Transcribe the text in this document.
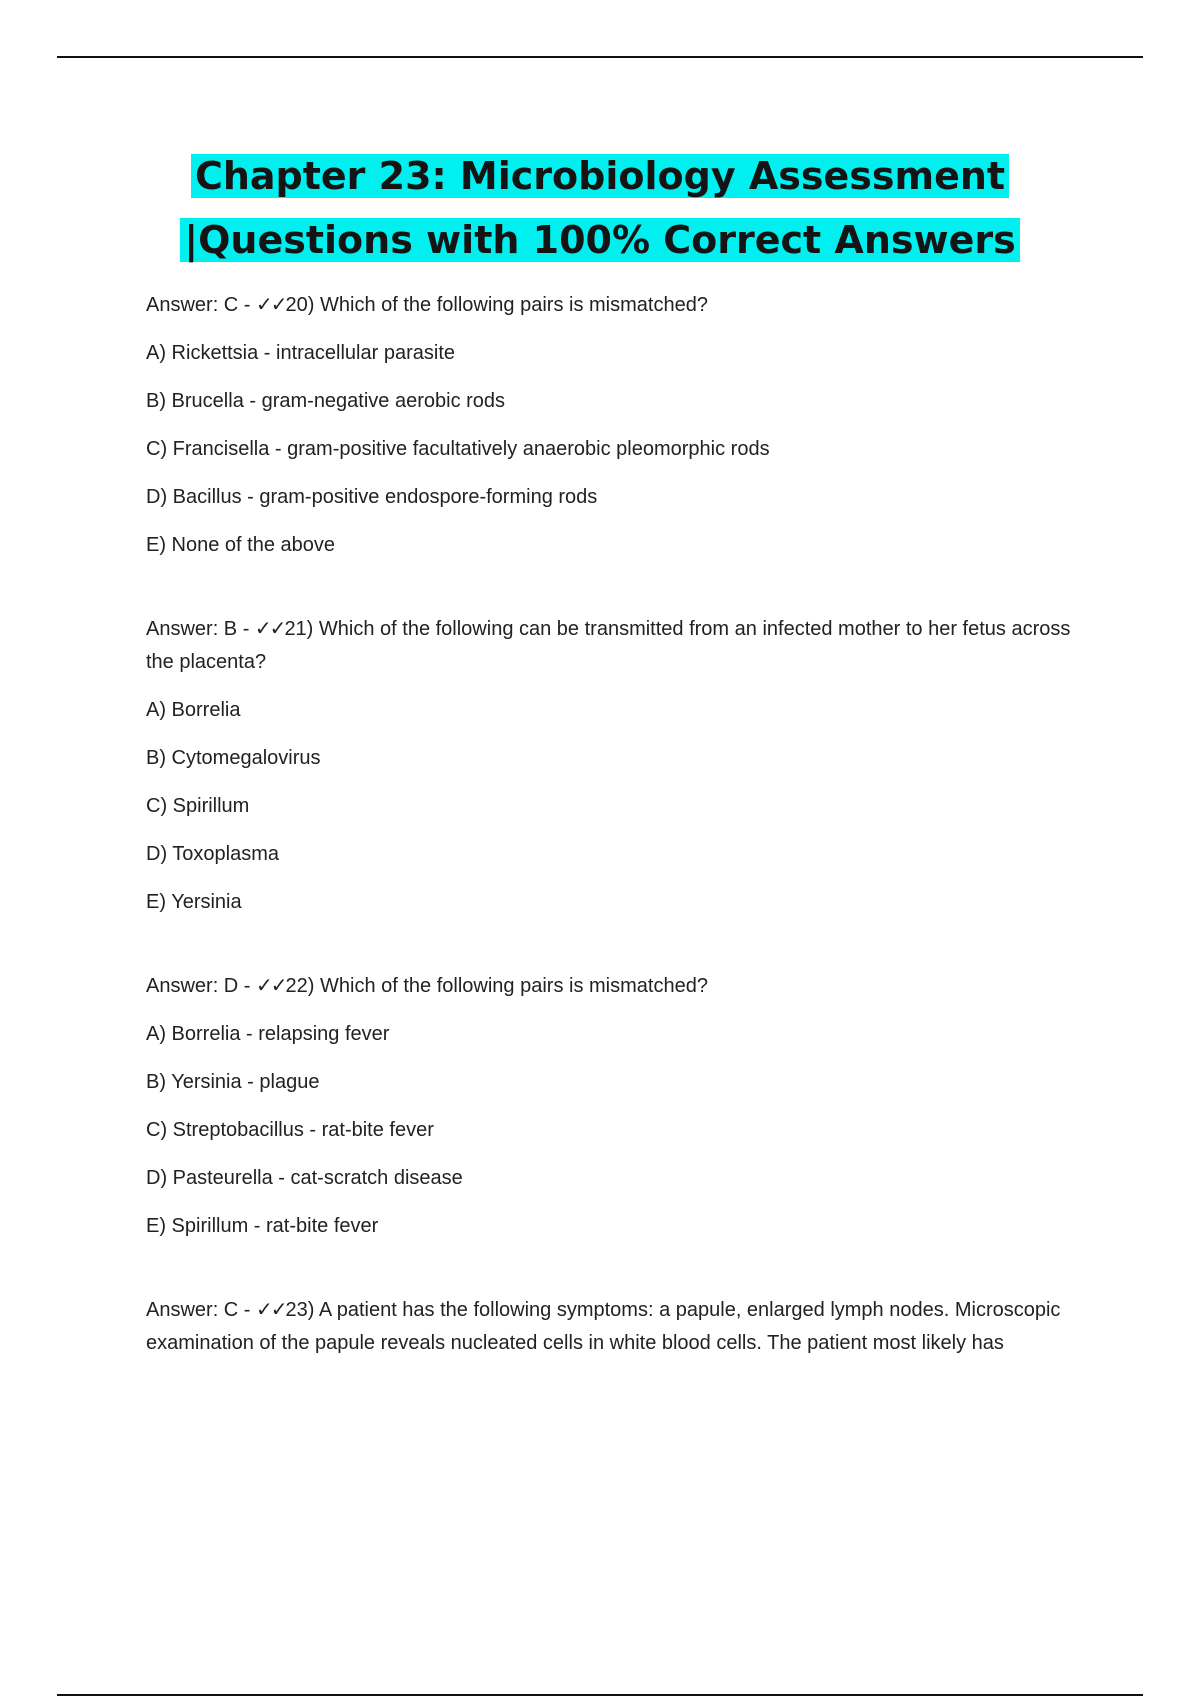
Chapter 23: Microbiology Assessment
|Questions with 100% Correct Answers

Answer: C - ✓✓20) Which of the following pairs is mismatched?

A) Rickettsia - intracellular parasite

B) Brucella - gram-negative aerobic rods

C) Francisella - gram-positive facultatively anaerobic pleomorphic rods

D) Bacillus - gram-positive endospore-forming rods

E) None of the above

Answer: B - ✓✓21) Which of the following can be transmitted from an infected mother to her fetus across the placenta?

A) Borrelia

B) Cytomegalovirus

C) Spirillum

D) Toxoplasma

E) Yersinia

Answer: D - ✓✓22) Which of the following pairs is mismatched?

A) Borrelia - relapsing fever

B) Yersinia - plague

C) Streptobacillus - rat-bite fever

D) Pasteurella - cat-scratch disease

E) Spirillum - rat-bite fever

Answer: C - ✓✓23) A patient has the following symptoms: a papule, enlarged lymph nodes. Microscopic examination of the papule reveals nucleated cells in white blood cells. The patient most likely has
